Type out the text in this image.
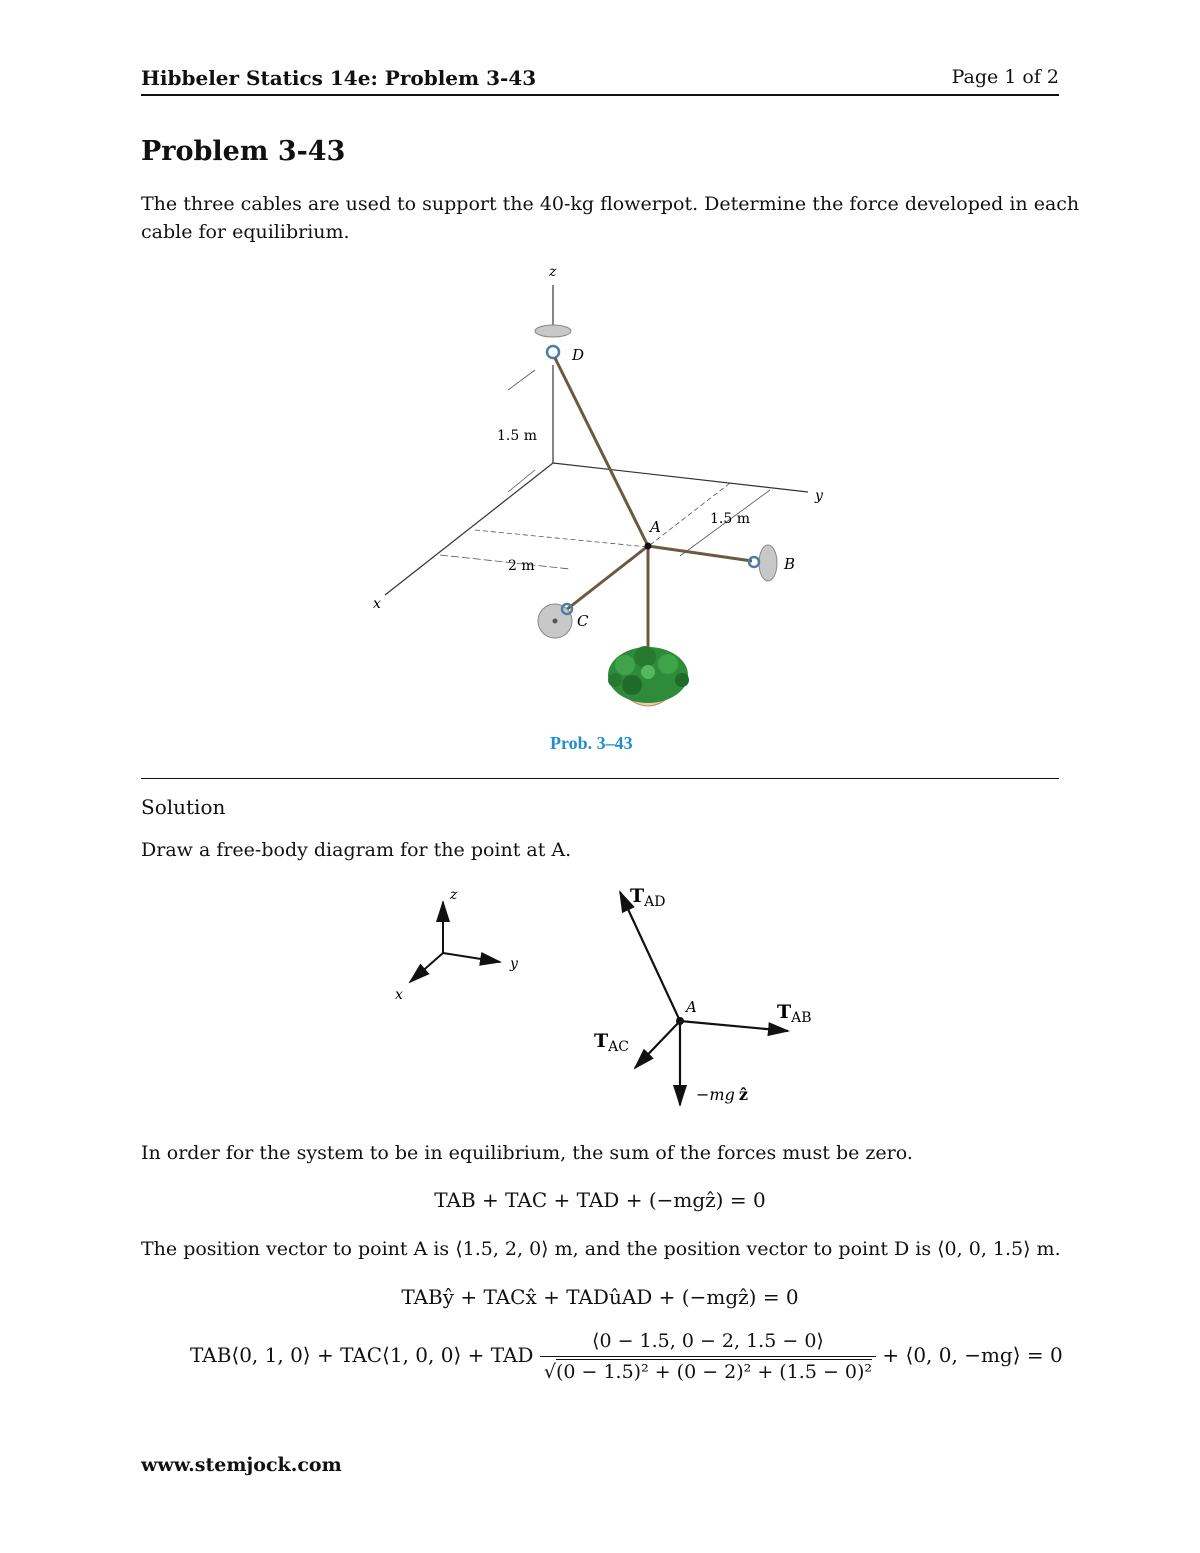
Hibbeler Statics 14e: Problem 3-43	Page 1 of 2
Problem 3-43
The three cables are used to support the 40-kg flowerpot. Determine the force developed in each
cable for equilibrium.
z
y
x
1.5 m
1.5 m
2 m
D
A
B
C
Prob. 3–43
Solution
Draw a free-body diagram for the point at A.
z
y
x
A
$T_{AD}$
$T_{AB}$
$T_{AC}$
−mg ẑ
In order for the system to be in equilibrium, the sum of the forces must be zero.
TAB + TAC + TAD + (−mgẑ) = 0
The position vector to point A is ⟨1.5, 2, 0⟩ m, and the position vector to point D is ⟨0, 0, 1.5⟩ m.
TABŷ + TACx̂ + TADûAD + (−mgẑ) = 0
TAB⟨0, 1, 0⟩ + TAC⟨1, 0, 0⟩ + TAD $\frac{⟨0 - 1.5, 0 - 2, 1.5 - 0⟩}{\text{√(0 − 1.5)² + (0 − 2)² + (1.5 − 0)²}}$ + ⟨0, 0, −mg⟩ = 0
www.stemjock.com
